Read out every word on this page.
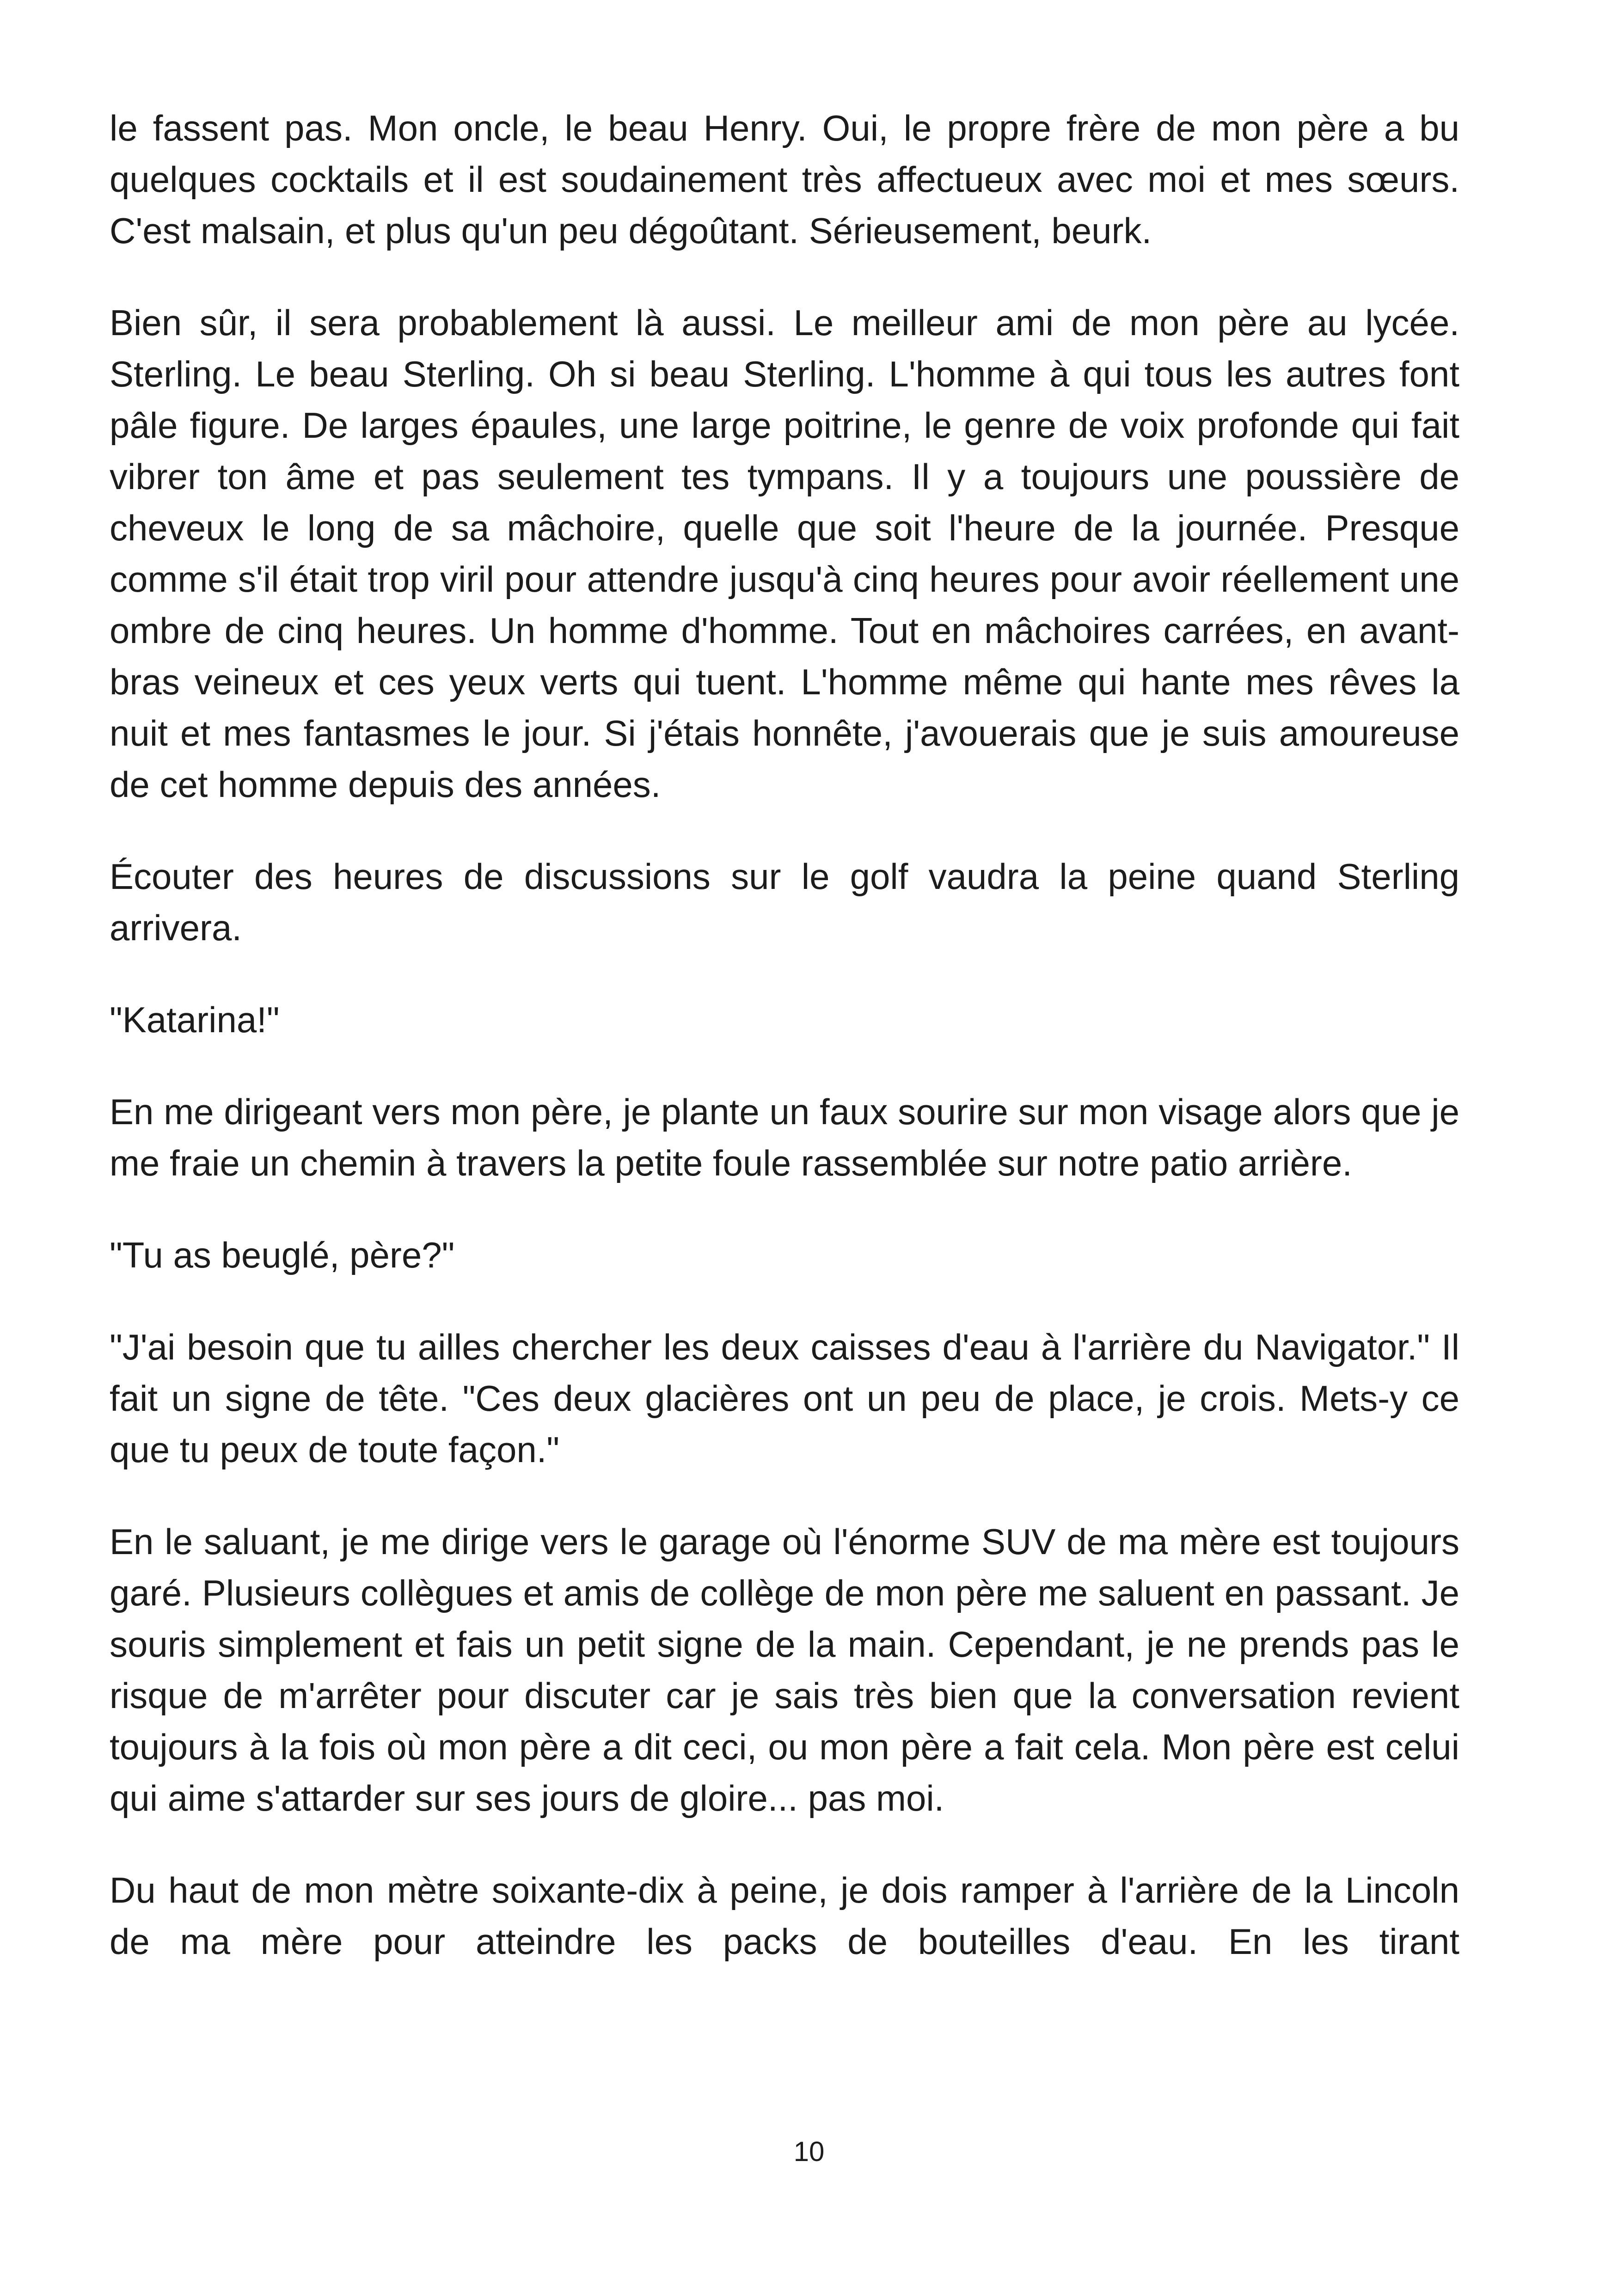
le fassent pas. Mon oncle, le beau Henry. Oui, le propre frère de mon père a bu quelques cocktails et il est soudainement très affectueux avec moi et mes sœurs. C'est malsain, et plus qu'un peu dégoûtant. Sérieusement, beurk.

Bien sûr, il sera probablement là aussi. Le meilleur ami de mon père au lycée. Sterling. Le beau Sterling. Oh si beau Sterling. L'homme à qui tous les autres font pâle figure. De larges épaules, une large poitrine, le genre de voix profonde qui fait vibrer ton âme et pas seulement tes tympans. Il y a toujours une poussière de cheveux le long de sa mâchoire, quelle que soit l'heure de la journée. Presque comme s'il était trop viril pour attendre jusqu'à cinq heures pour avoir réellement une ombre de cinq heures. Un homme d'homme. Tout en mâchoires carrées, en avant-bras veineux et ces yeux verts qui tuent. L'homme même qui hante mes rêves la nuit et mes fantasmes le jour. Si j'étais honnête, j'avouerais que je suis amoureuse de cet homme depuis des années.

Écouter des heures de discussions sur le golf vaudra la peine quand Sterling arrivera.

"Katarina!"

En me dirigeant vers mon père, je plante un faux sourire sur mon visage alors que je me fraie un chemin à travers la petite foule rassemblée sur notre patio arrière.

"Tu as beuglé, père?"

"J'ai besoin que tu ailles chercher les deux caisses d'eau à l'arrière du Navigator." Il fait un signe de tête. "Ces deux glacières ont un peu de place, je crois. Mets-y ce que tu peux de toute façon."

En le saluant, je me dirige vers le garage où l'énorme SUV de ma mère est toujours garé. Plusieurs collègues et amis de collège de mon père me saluent en passant. Je souris simplement et fais un petit signe de la main. Cependant, je ne prends pas le risque de m'arrêter pour discuter car je sais très bien que la conversation revient toujours à la fois où mon père a dit ceci, ou mon père a fait cela. Mon père est celui qui aime s'attarder sur ses jours de gloire... pas moi.

Du haut de mon mètre soixante-dix à peine, je dois ramper à l'arrière de la Lincoln de ma mère pour atteindre les packs de bouteilles d'eau. En les tirant

10
